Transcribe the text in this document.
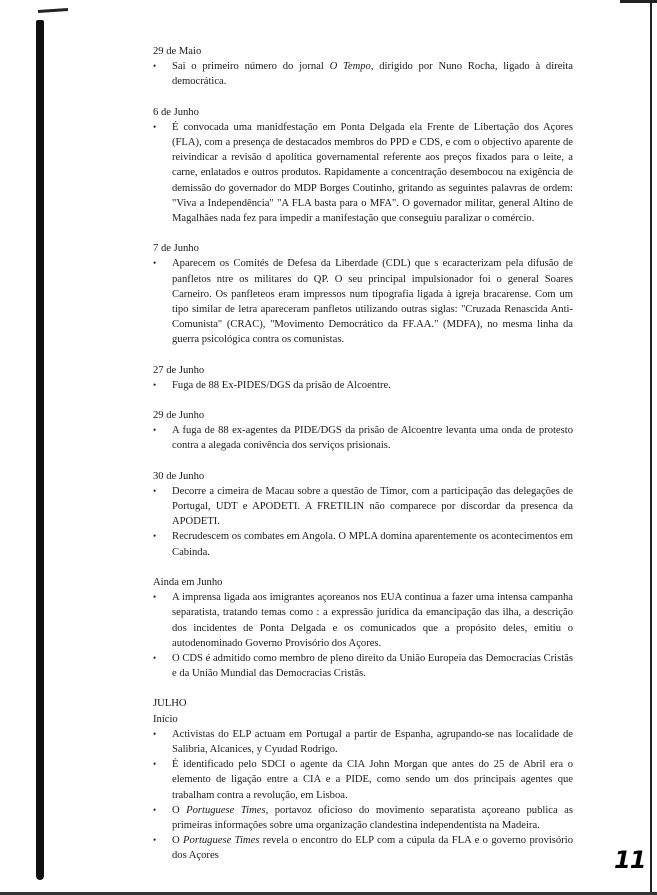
29 de Maio

• Sai o primeiro número do jornal O Tempo, dirigido por Nuno Rocha, ligado à direita democrática.

6 de Junho

• É convocada uma manidfestação em Ponta Delgada ela Frente de Libertação dos Açores (FLA), com a presença de destacados membros do PPD e CDS, e com o objectivo aparente de reivindicar a revisão d apolítica governamental referente aos preços fixados para o leite, a carne, enlatados e outros produtos. Rapidamente a concentração desembocou na exigência de demissão do governador do MDP Borges Coutinho, gritando as seguintes palavras de ordem: "Viva a Independência" "A FLA basta para o MFA". O governador militar, general Altino de Magalhães nada fez para impedir a manifestação que conseguiu paralizar o comércio.

7 de Junho

• Aparecem os Comités de Defesa da Liberdade (CDL) que s ecaracterizam pela difusão de panfletos ntre os militares do QP. O seu principal impulsionador foi o general Soares Carneiro. Os panfleteos eram impressos num tipografia ligada à igreja bracarense. Com um tipo similar de letra apareceram panfletos utilizando outras siglas: "Cruzada Renascida Anti-Comunista" (CRAC), "Movimento Democrático da FF.AA." (MDFA), no mesma linha da guerra psicológica contra os comunistas.

27 de Junho

• Fuga de 88 Ex-PIDES/DGS da prisão de Alcoentre.

29 de Junho

• A fuga de 88 ex-agentes da PIDE/DGS da prisão de Alcoentre levanta uma onda de protesto contra a alegada conivência dos serviços prisionais.

30 de Junho

• Decorre a cimeira de Macau sobre a questão de Timor, com a participação das delegações de Portugal, UDT e APODETI. A FRETILIN não comparece por discordar da presenca da APODETI.
• Recrudescem os combates em Angola. O MPLA domina aparentemente os acontecimentos em Cabinda.

Ainda em Junho

• A imprensa ligada aos imigrantes açoreanos nos EUA continua a fazer uma intensa campanha separatista, tratando temas como : a expressão jurídica da emancipação das ilha, a descrição dos incidentes de Ponta Delgada e os comunicados que a propósito deles, emitiu o autodenominado Governo Provisório dos Açores.
• O CDS é admitido como membro de pleno direito da União Europeia das Democracias Cristãs e da União Mundial das Democracias Cristãs.

JULHO

Início

• Activistas do ELP actuam em Portugal a partir de Espanha, agrupando-se nas localidade de Salibria, Alcanices, y Cyudad Rodrigo.
• É identificado pelo SDCI o agente da CIA John Morgan que antes do 25 de Abril era o elemento de ligação entre a CIA e a PIDE, como sendo um dos principais agentes que trabalham contra a revolução, em Lisboa.
• O Portuguese Times, portavoz oficioso do movimento separatista açoreano publica as primeiras informações sobre uma organização clandestina independentista na Madeira.
• O Portuguese Times revela o encontro do ELP com a cúpula da FLA e o governo provisório dos Açores	11
